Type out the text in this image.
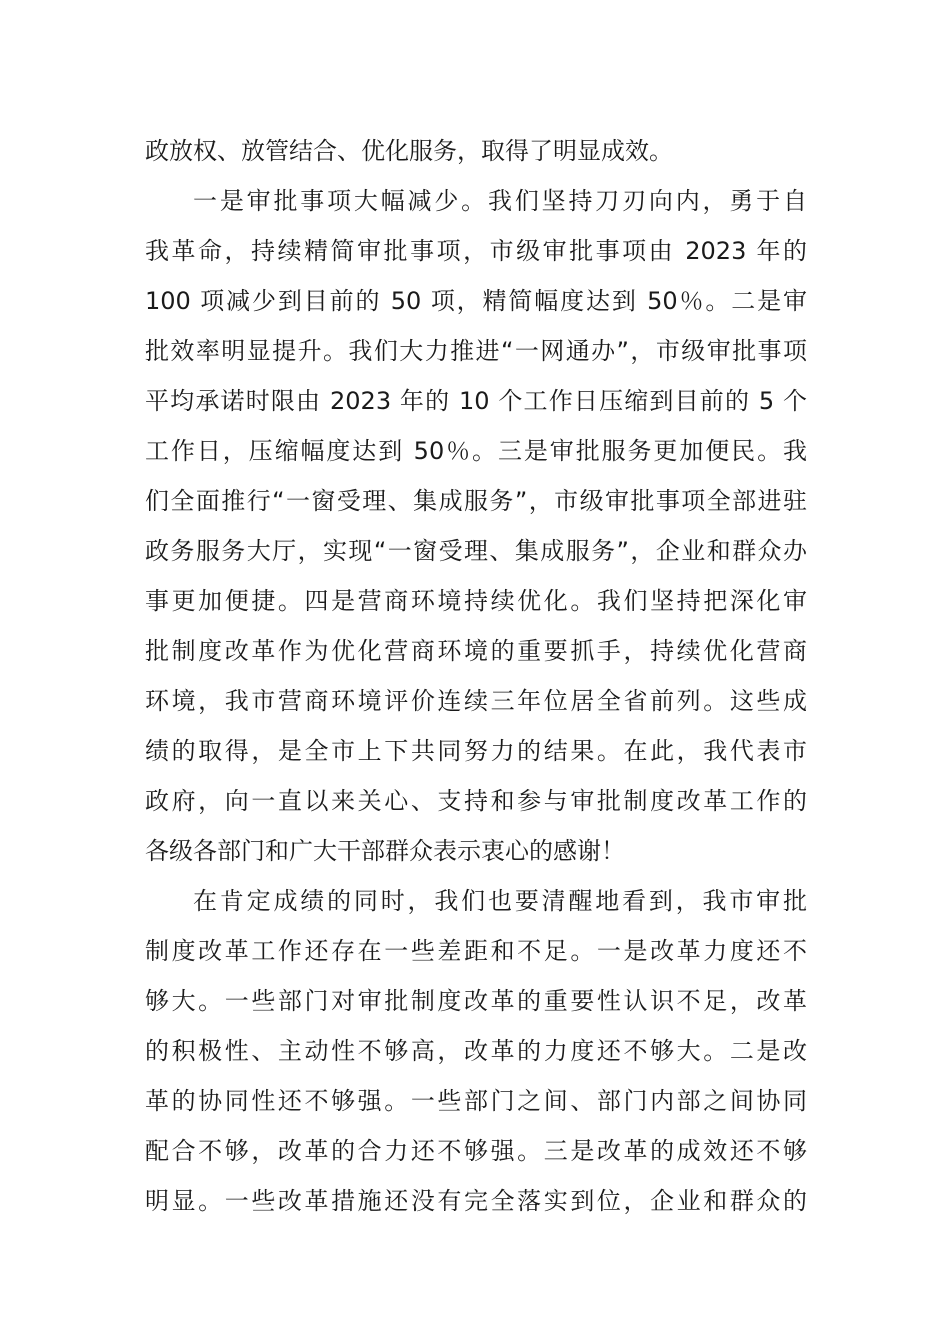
政放权、放管结合、优化服务，取得了明显成效。
一是审批事项大幅减少。我们坚持刀刃向内，勇于自
我革命，持续精简审批事项，市级审批事项由 2023 年的
100 项减少到目前的 50 项，精简幅度达到 50％。二是审
批效率明显提升。我们大力推进“一网通办”，市级审批事项
平均承诺时限由 2023 年的 10 个工作日压缩到目前的 5 个
工作日，压缩幅度达到 50％。三是审批服务更加便民。我
们全面推行“一窗受理、集成服务”，市级审批事项全部进驻
政务服务大厅，实现“一窗受理、集成服务”，企业和群众办
事更加便捷。四是营商环境持续优化。我们坚持把深化审
批制度改革作为优化营商环境的重要抓手，持续优化营商
环境，我市营商环境评价连续三年位居全省前列。这些成
绩的取得，是全市上下共同努力的结果。在此，我代表市
政府，向一直以来关心、支持和参与审批制度改革工作的
各级各部门和广大干部群众表示衷心的感谢！
在肯定成绩的同时，我们也要清醒地看到，我市审批
制度改革工作还存在一些差距和不足。一是改革力度还不
够大。一些部门对审批制度改革的重要性认识不足，改革
的积极性、主动性不够高，改革的力度还不够大。二是改
革的协同性还不够强。一些部门之间、部门内部之间协同
配合不够，改革的合力还不够强。三是改革的成效还不够
明显。一些改革措施还没有完全落实到位，企业和群众的
